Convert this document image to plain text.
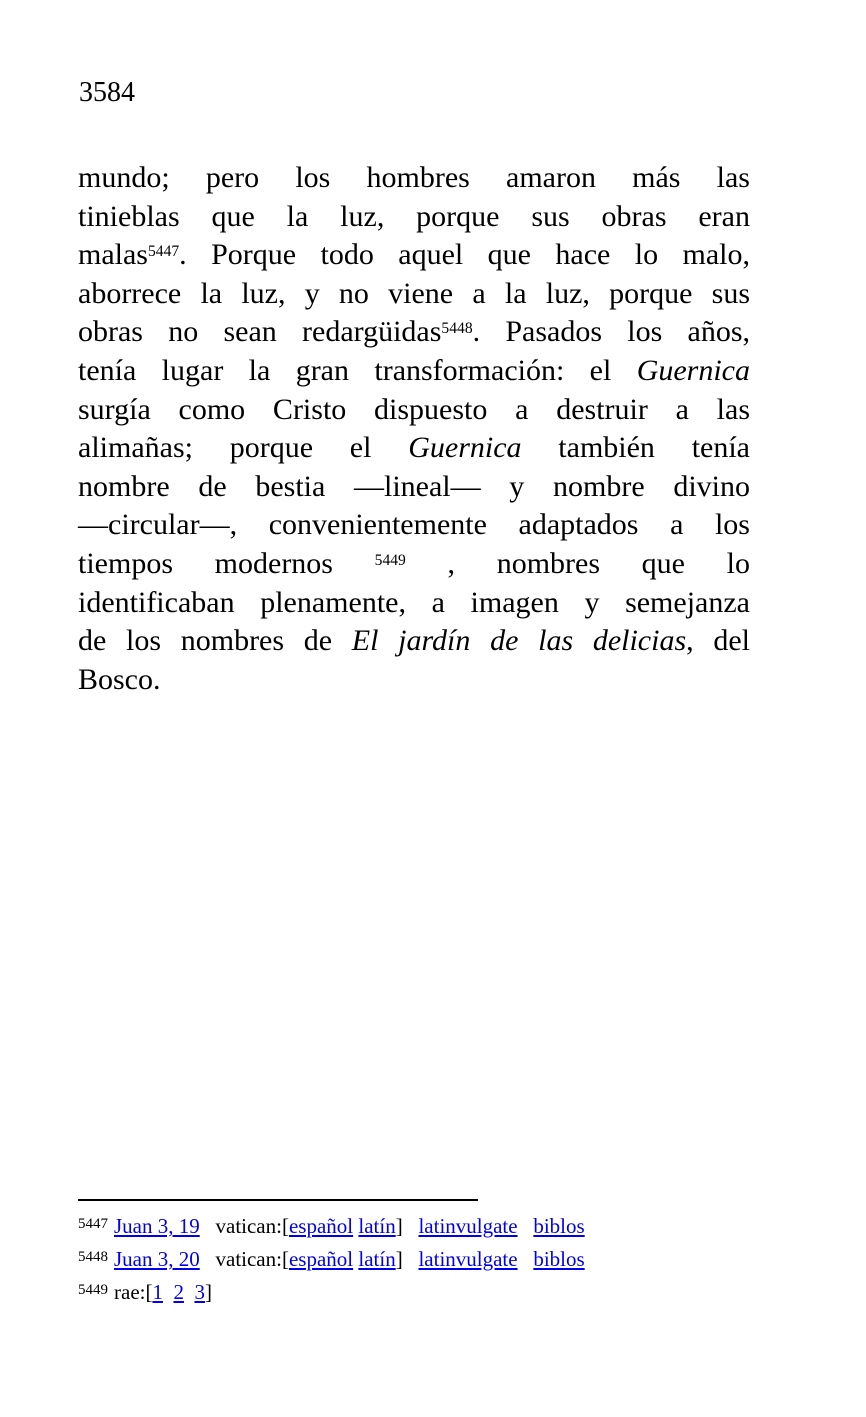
3584
mundo; pero los hombres amaron más las
tinieblas que la luz, porque sus obras eran
malas$^{5447}$. Porque todo aquel que hace lo malo,
aborrece la luz, y no viene a la luz, porque sus
obras no sean redargüidas$^{5448}$. Pasados los años,
tenía lugar la gran transformación: el Guernica
surgía como Cristo dispuesto a destruir a las
alimañas; porque el Guernica también tenía
nombre de bestia —lineal— y nombre divino
—circular—, convenientemente adaptados a los
tiempos modernos $^{5449}$ , nombres que lo
identificaban plenamente, a imagen y semejanza
de los nombres de El jardín de las delicias, del
Bosco.
$^{5447}$ Juan 3, 19   vatican:[español latín]   latinvulgate biblos
$^{5448}$ Juan 3, 20   vatican:[español latín]   latinvulgate biblos
$^{5449}$ rae:[1 2 3]
